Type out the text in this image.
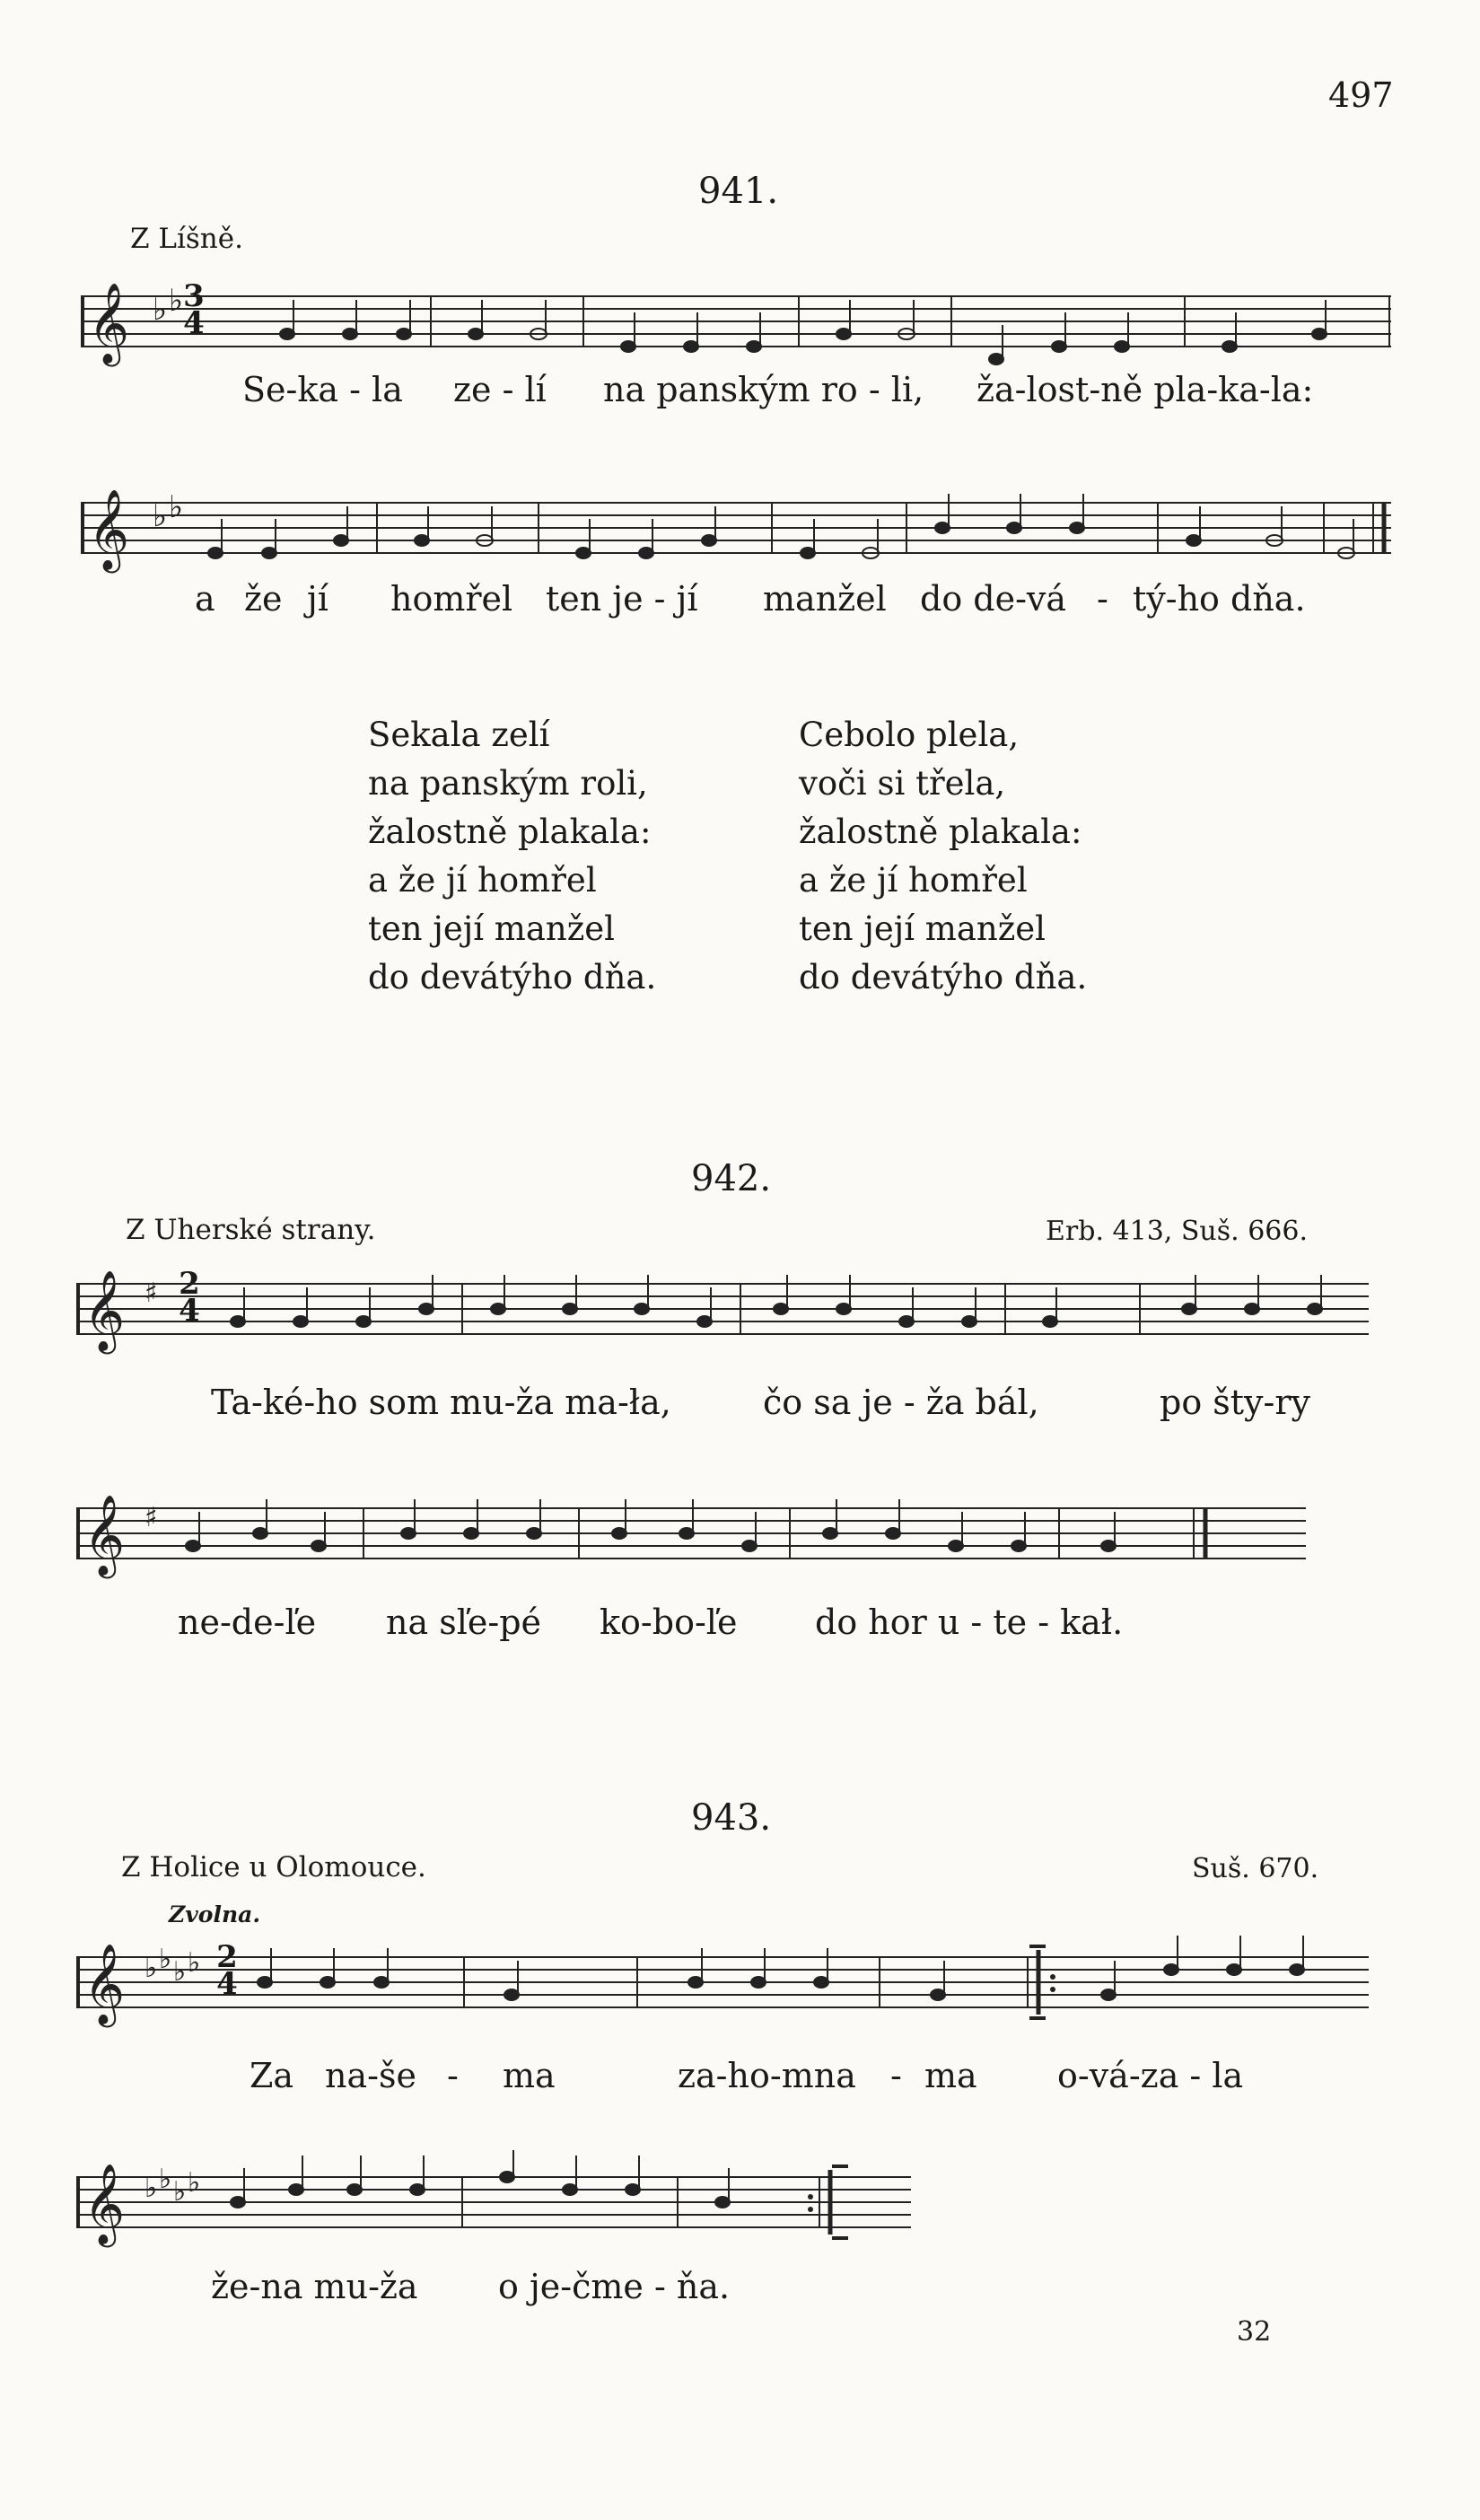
497
941.
Z Líšně.
𝄞 ♭ ♭ 3
4
Se-ka - la ze - lí na panským ro - li, ža-lost-ně pla-ka-la:
𝄞 ♭ ♭
a že jí homřel ten je - jí manžel do de-vá - tý-ho dňa.
Sekala zelí
na panským roli,
žalostně plakala:
a že jí homřel
ten její manžel
do devátýho dňa.
Cebolo plela,
voči si třela,
žalostně plakala:
a že jí homřel
ten její manžel
do devátýho dňa.
942.
Z Uherské strany.	Erb. 413, Suš. 666.
𝄞 ♯ 2
4
Ta-ké-ho som mu-ža ma-ła,	čo sa je - ža bál,	po šty-ry
𝄞 ♯
ne-de-ľe na sľe-pé ko-bo-ľe do hor u - te - kał.
943.
Z Holice u Olomouce.	Suš. 670.
Zvolna.
𝄞 ♭ ♭ ♭ ♭ 2
4
Za na-še - ma	za-ho-mna - ma o-vá-za - la
𝄞 ♭ ♭ ♭ ♭
že-na mu-ža o je-čme - ňa.
32
